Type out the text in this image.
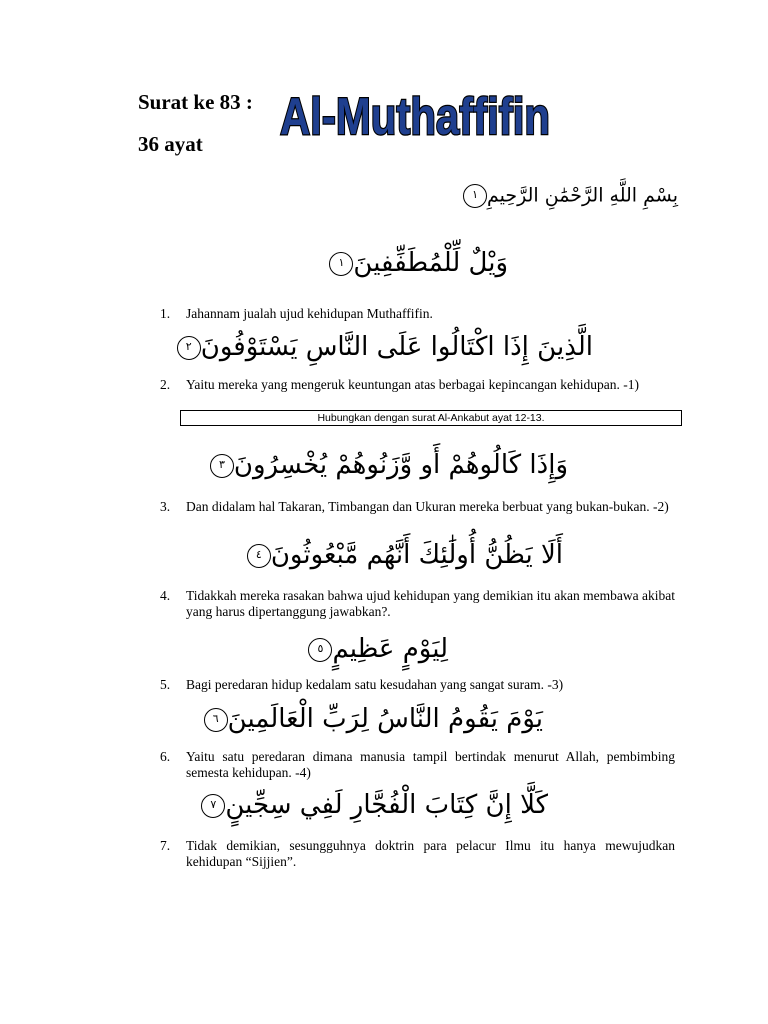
Surat ke 83 :
36 ayat Al-Muthaffifin
بِسْمِ اللَّهِ الرَّحْمَٰنِ الرَّحِيمِ١
وَيْلٌ لِّلْمُطَفِّفِينَ١
1. Jahannam jualah ujud kehidupan Muthaffifin.
الَّذِينَ إِذَا اكْتَالُوا عَلَى النَّاسِ يَسْتَوْفُونَ٢
2. Yaitu mereka yang mengeruk keuntungan atas berbagai kepincangan kehidupan. -1)
Hubungkan dengan surat Al-Ankabut ayat 12-13.
وَإِذَا كَالُوهُمْ أَو وَّزَنُوهُمْ يُخْسِرُونَ٣
3. Dan didalam hal Takaran, Timbangan dan Ukuran mereka berbuat yang bukan-bukan. -2)
أَلَا يَظُنُّ أُولَٰئِكَ أَنَّهُم مَّبْعُوثُونَ٤
4. Tidakkah mereka rasakan bahwa ujud kehidupan yang demikian itu akan membawa akibat yang harus dipertanggung jawabkan?.
لِيَوْمٍ عَظِيمٍ٥
5. Bagi peredaran hidup kedalam satu kesudahan yang sangat suram. -3)
يَوْمَ يَقُومُ النَّاسُ لِرَبِّ الْعَالَمِينَ٦
6. Yaitu satu peredaran dimana manusia tampil bertindak menurut Allah, pembimbing semesta kehidupan. -4)
كَلَّا إِنَّ كِتَابَ الْفُجَّارِ لَفِي سِجِّينٍ٧
7. Tidak demikian, sesungguhnya doktrin para pelacur Ilmu itu hanya mewujudkan kehidupan “Sijjien”.
